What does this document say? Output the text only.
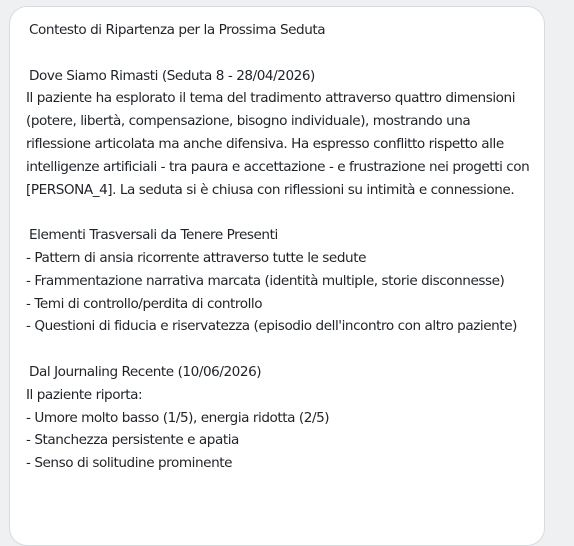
Contesto di Ripartenza per la Prossima Seduta

Dove Siamo Rimasti (Seduta 8 - 28/04/2026)

Il paziente ha esplorato il tema del tradimento attraverso quattro dimensioni (potere, libertà, compensazione, bisogno individuale), mostrando una riflessione articolata ma anche difensiva. Ha espresso conflitto rispetto alle intelligenze artificiali - tra paura e accettazione - e frustrazione nei progetti con [PERSONA_4]. La seduta si è chiusa con riflessioni su intimità e connessione.

Elementi Trasversali da Tenere Presenti

- Pattern di ansia ricorrente attraverso tutte le sedute
- Frammentazione narrativa marcata (identità multiple, storie disconnesse)
- Temi di controllo/perdita di controllo
- Questioni di fiducia e riservatezza (episodio dell'incontro con altro paziente)

Dal Journaling Recente (10/06/2026)

Il paziente riporta:

- Umore molto basso (1/5), energia ridotta (2/5)
- Stanchezza persistente e apatia
- Senso di solitudine prominente
